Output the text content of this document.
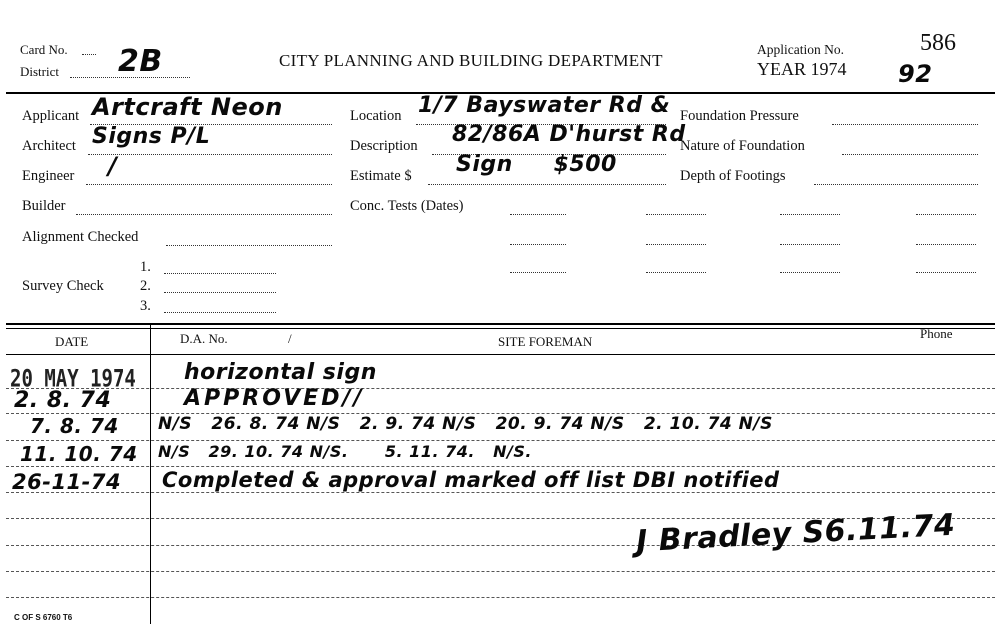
Card No.
District 2B	CITY PLANNING AND BUILDING DEPARTMENT
Application No.
YEAR 1974
586
92
Applicant Artcraft Neon
Architect Signs P/L
Engineer /
Builder
Alignment Checked
1.
Survey Check	2.
3.
Location 1/7 Bayswater Rd &
Description 82/86A D'hurst Rd
Estimate $ Sign     $500
Conc. Tests (Dates)
Foundation Pressure
Nature of Foundation
Depth of Footings
DATE	D.A. No.	/	SITE FOREMAN
Phone
20 MAY 1974 horizontal sign
2. 8. 74	APPROVED//
7. 8. 74 N/S   26. 8. 74 N/S   2. 9. 74 N/S   20. 9. 74 N/S   2. 10. 74 N/S
11. 10. 74 N/S   29. 10. 74 N/S.      5. 11. 74.   N/S.
26-11-74 Completed & approval marked off list DBI notified
J Bradley S6.11.74
C OF S 6760 T6
